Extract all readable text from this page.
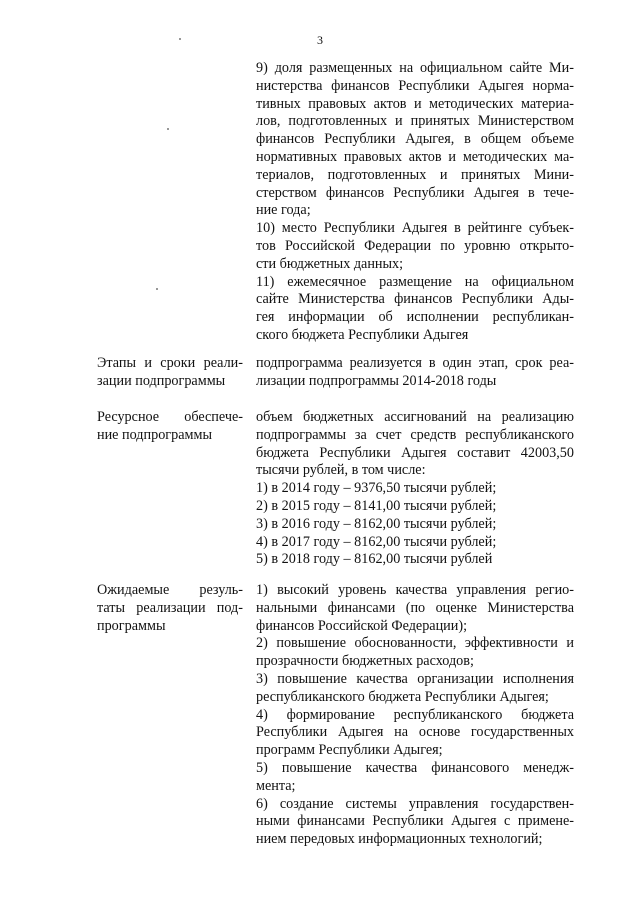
3
9) доля размещенных на официальном сайте Ми-
нистерства финансов Республики Адыгея норма-
тивных правовых актов и методических материа-
лов, подготовленных и принятых Министерством
финансов Республики Адыгея, в общем объеме
нормативных правовых актов и методических ма-
териалов, подготовленных и принятых Мини-
стерством финансов Республики Адыгея в тече-
ние года;
10) место Республики Адыгея в рейтинге субъек-
тов Российской Федерации по уровню открыто-
сти бюджетных данных;
11) ежемесячное размещение на официальном
сайте Министерства финансов Республики Ады-
гея информации об исполнении республикан-
ского бюджета Республики Адыгея
Этапы и сроки реали-
зации подпрограммы
подпрограмма реализуется в один этап, срок реа-
лизации подпрограммы 2014-2018 годы
Ресурсное обеспече-
ние подпрограммы
объем бюджетных ассигнований на реализацию
подпрограммы за счет средств республиканского
бюджета Республики Адыгея составит 42003,50
тысячи рублей, в том числе:
1) в 2014 году – 9376,50 тысячи рублей;
2) в 2015 году – 8141,00 тысячи рублей;
3) в 2016 году – 8162,00 тысячи рублей;
4) в 2017 году – 8162,00 тысячи рублей;
5) в 2018 году – 8162,00 тысячи рублей
Ожидаемые резуль-
таты реализации под-
программы
1) высокий уровень качества управления регио-
нальными финансами (по оценке Министерства
финансов Российской Федерации);
2) повышение обоснованности, эффективности и
прозрачности бюджетных расходов;
3) повышение качества организации исполнения
республиканского бюджета Республики Адыгея;
4) формирование республиканского бюджета
Республики Адыгея на основе государственных
программ Республики Адыгея;
5) повышение качества финансового менедж-
мента;
6) создание системы управления государствен-
ными финансами Республики Адыгея с примене-
нием передовых информационных технологий;
